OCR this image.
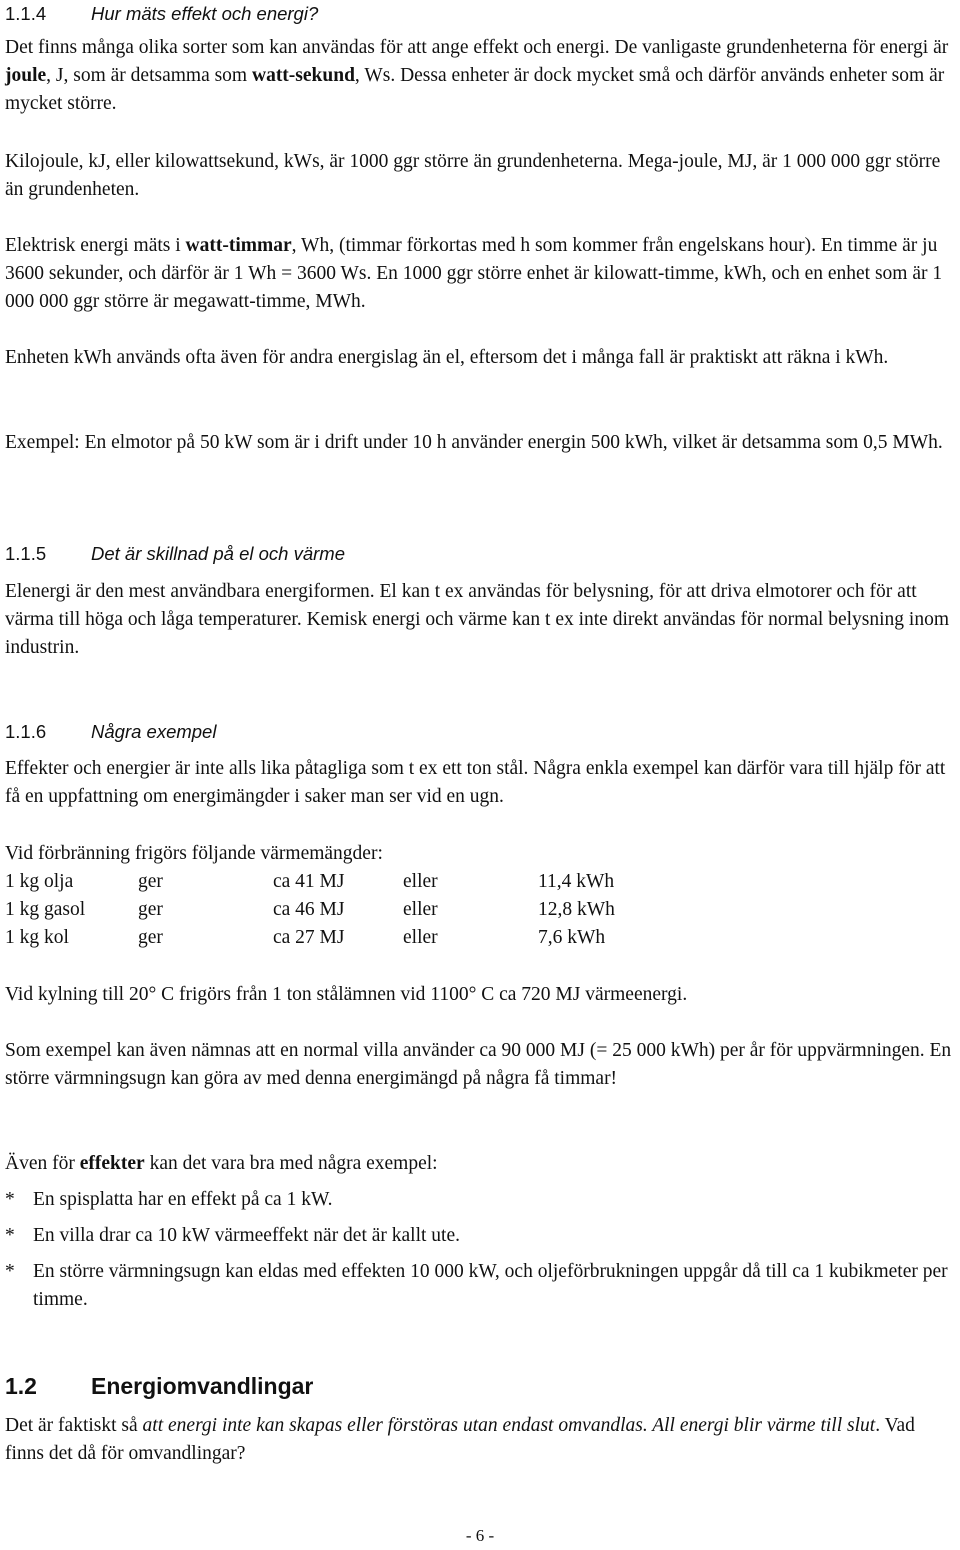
1.1.4 Hur mäts effekt och energi?

Det finns många olika sorter som kan användas för att ange effekt och energi. De vanligaste grundenheterna för energi är joule, J, som är detsamma som watt-sekund, Ws. Dessa enheter är dock mycket små och därför används enheter som är mycket större.

Kilojoule, kJ, eller kilowattsekund, kWs, är 1000 ggr större än grundenheterna. Mega-joule, MJ, är 1 000 000 ggr större än grundenheten.

Elektrisk energi mäts i watt-timmar, Wh, (timmar förkortas med h som kommer från engelskans hour). En timme är ju 3600 sekunder, och därför är 1 Wh = 3600 Ws. En 1000 ggr större enhet är kilowatt-timme, kWh, och en enhet som är 1 000 000 ggr större är megawatt-timme, MWh.

Enheten kWh används ofta även för andra energislag än el, eftersom det i många fall är praktiskt att räkna i kWh.

Exempel: En elmotor på 50 kW som är i drift under 10 h använder energin 500 kWh, vilket är detsamma som 0,5 MWh.

1.1.5 Det är skillnad på el och värme

Elenergi är den mest användbara energiformen. El kan t ex användas för belysning, för att driva elmotorer och för att värma till höga och låga temperaturer. Kemisk energi och värme kan t ex inte direkt användas för normal belysning inom industrin.

1.1.6 Några exempel

Effekter och energier är inte alls lika påtagliga som t ex ett ton stål. Några enkla exempel kan därför vara till hjälp för att få en uppfattning om energimängder i saker man ser vid en ugn.

Vid förbränning frigörs följande värmemängder:
1 kg olja	ger	ca 41 MJ	eller	11,4 kWh
1 kg gasol	ger	ca 46 MJ	eller	12,8 kWh
1 kg kol	ger	ca 27 MJ	eller	7,6 kWh

Vid kylning till 20° C frigörs från 1 ton stålämnen vid 1100° C ca 720 MJ värmeenergi.

Som exempel kan även nämnas att en normal villa använder ca 90 000 MJ (= 25 000 kWh) per år för uppvärmningen. En större värmningsugn kan göra av med denna energimängd på några få timmar!

Även för effekter kan det vara bra med några exempel:

* En spisplatta har en effekt på ca 1 kW.
* En villa drar ca 10 kW värmeeffekt när det är kallt ute.
* En större värmningsugn kan eldas med effekten 10 000 kW, och oljeförbrukningen uppgår då till ca 1 kubikmeter per timme.
1.2 Energiomvandlingar

Det är faktiskt så att energi inte kan skapas eller förstöras utan endast omvandlas. All energi blir värme till slut. Vad finns det då för omvandlingar?

- 6 -
